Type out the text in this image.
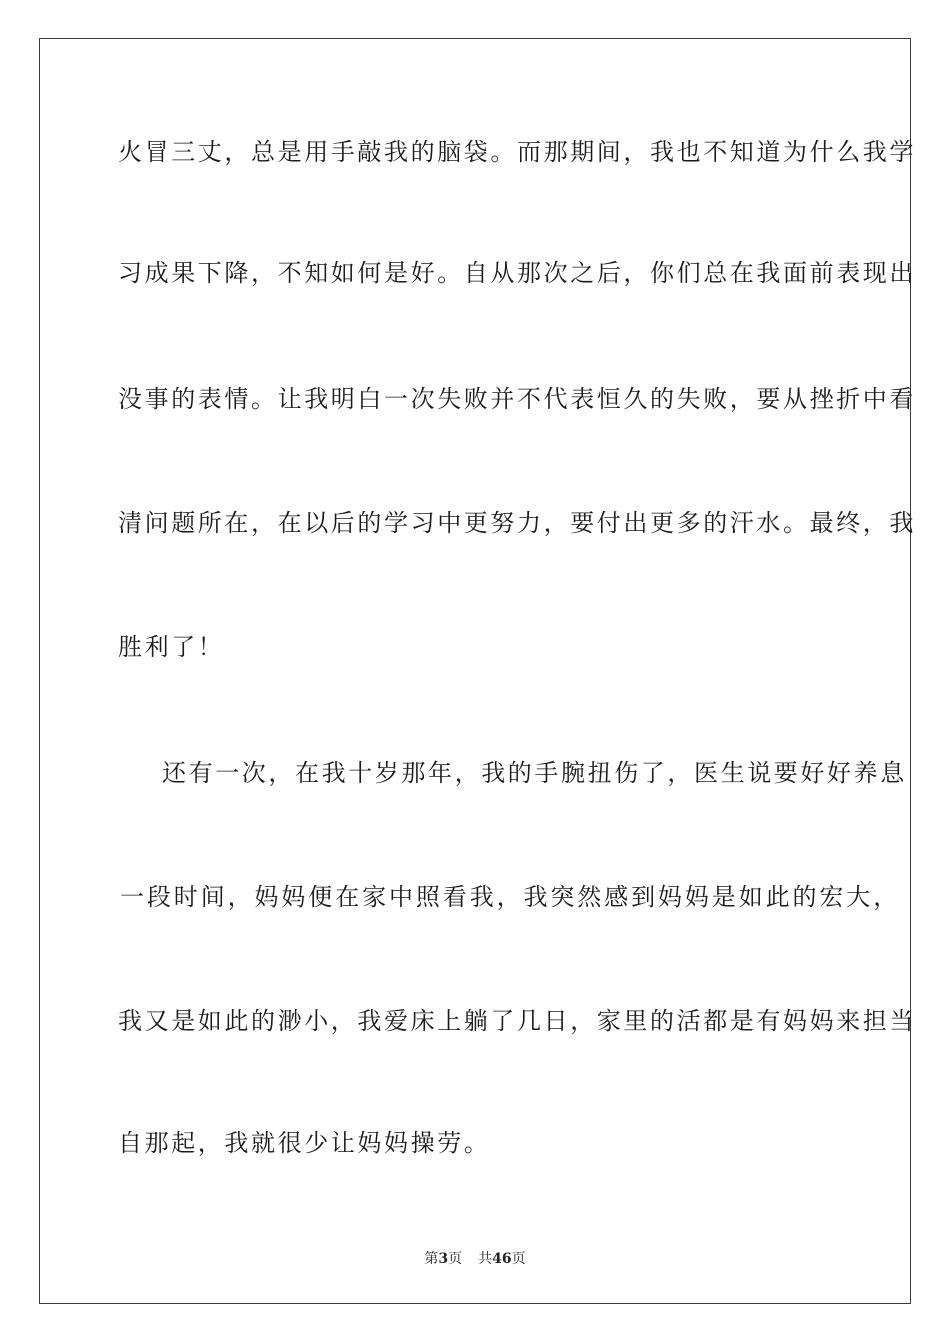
火冒三丈，总是用手敲我的脑袋。而那期间，我也不知道为什么我学
习成果下降，不知如何是好。自从那次之后，你们总在我面前表现出
没事的表情。让我明白一次失败并不代表恒久的失败，要从挫折中看
清问题所在，在以后的学习中更努力，要付出更多的汗水。最终，我
胜利了！
还有一次，在我十岁那年，我的手腕扭伤了，医生说要好好养息
一段时间，妈妈便在家中照看我，我突然感到妈妈是如此的宏大，
我又是如此的渺小，我爱床上躺了几日，家里的活都是有妈妈来担当
自那起，我就很少让妈妈操劳。
第3页 共46页
